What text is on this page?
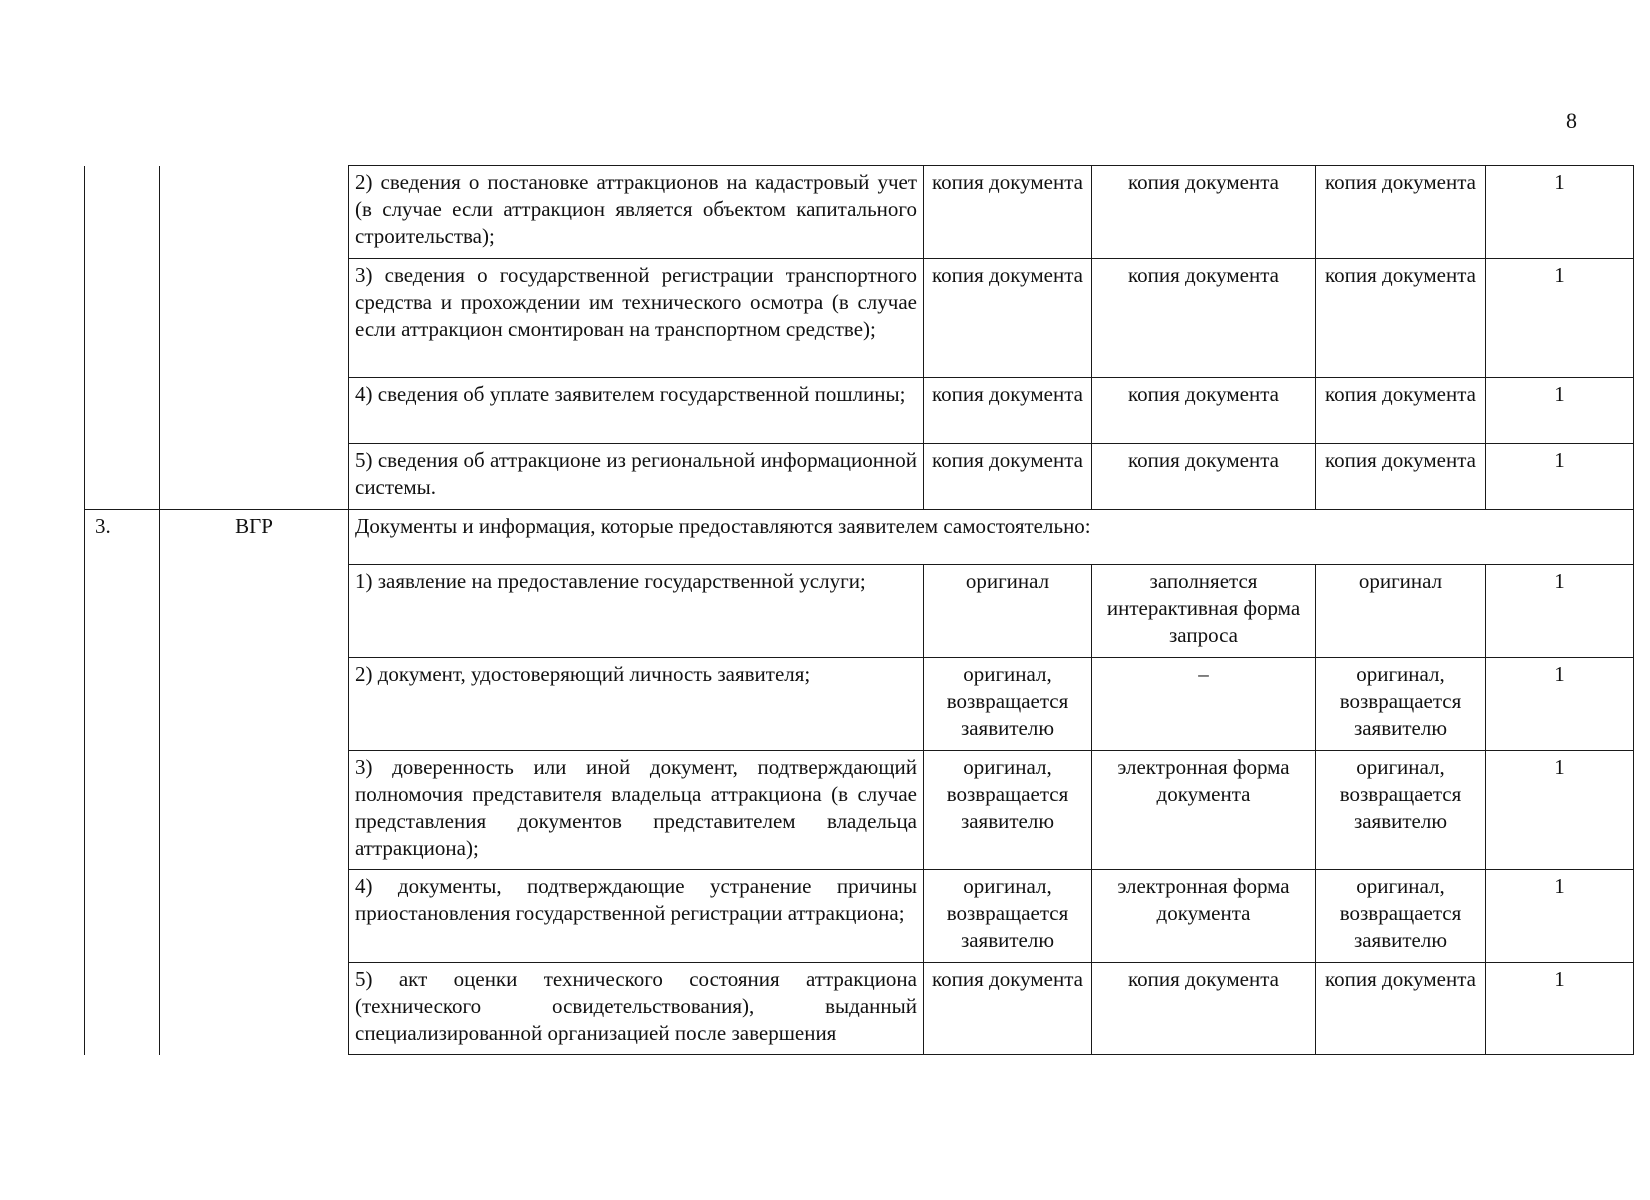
8
		2) сведения о постановке аттракционов на кадастровый учет (в случае если аттракцион является объектом капитального строительства);	копия документа	копия документа	копия документа	1
		3) сведения о государственной регистрации транспортного средства и прохождении им технического осмотра (в случае если аттракцион смонтирован на транспортном средстве);	копия документа	копия документа	копия документа	1
		4) сведения об уплате заявителем государственной пошлины;	копия документа	копия документа	копия документа	1
		5) сведения об аттракционе из региональной информационной системы.	копия документа	копия документа	копия документа	1
3.	ВГР	Документы и информация, которые предоставляются заявителем самостоятельно:				
		1) заявление на предоставление государственной услуги;	оригинал	заполняется интерактивная форма запроса	оригинал	1
		2) документ, удостоверяющий личность заявителя;	оригинал, возвращается заявителю	–	оригинал, возвращается заявителю	1
		3) доверенность или иной документ, подтверждающий полномочия представителя владельца аттракциона (в случае представления документов представителем владельца аттракциона);	оригинал, возвращается заявителю	электронная форма документа	оригинал, возвращается заявителю	1
		4) документы, подтверждающие устранение причины приостановления государственной регистрации аттракциона;	оригинал, возвращается заявителю	электронная форма документа	оригинал, возвращается заявителю	1
		5) акт оценки технического состояния аттракциона (технического освидетельствования), выданный специализированной организацией после завершения	копия документа	копия документа	копия документа	1
